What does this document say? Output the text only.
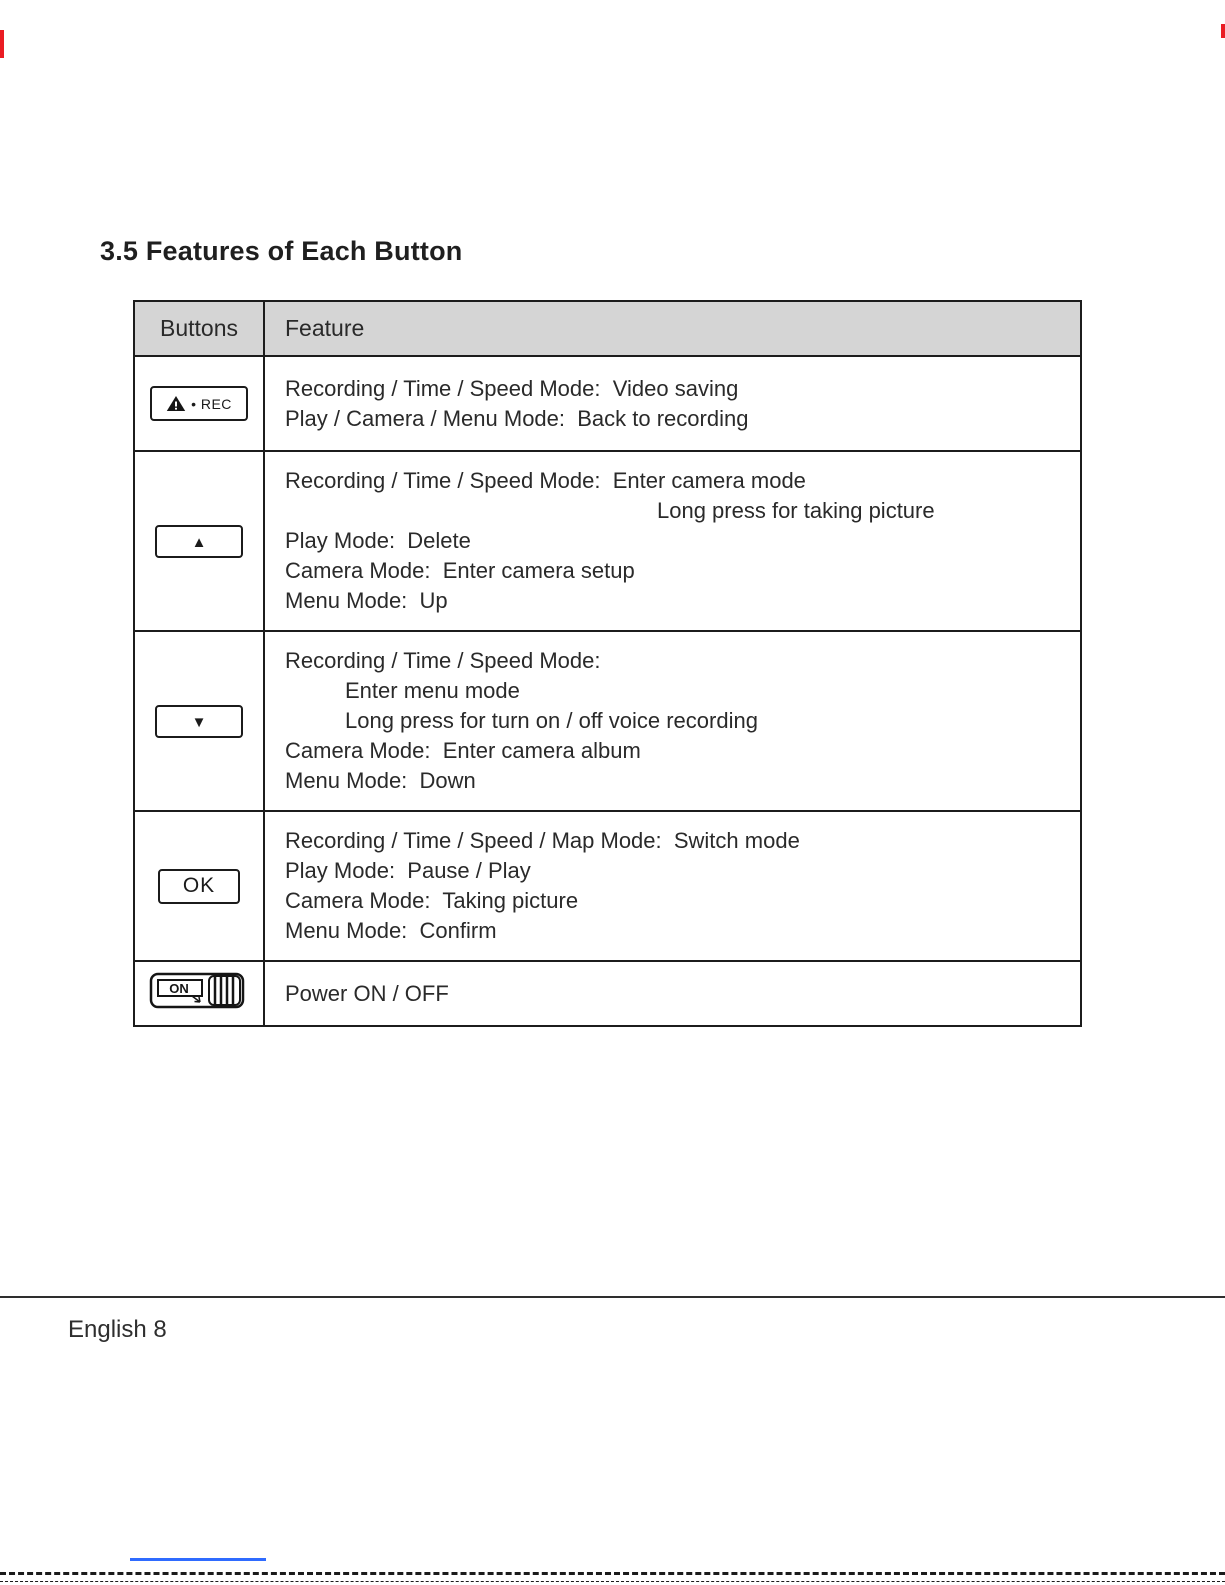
3.5 Features of Each Button
Buttons	Feature

• REC	Recording / Time / Speed Mode:  Video saving
Play / Camera / Menu Mode:  Back to recording

▲	Recording / Time / Speed Mode:  Enter camera mode
Long press for taking picture
Play Mode:  Delete
Camera Mode:  Enter camera setup
Menu Mode:  Up

▼	Recording / Time / Speed Mode:
Enter menu mode
Long press for turn on / off voice recording
Camera Mode:  Enter camera album
Menu Mode:  Down

OK	Recording / Time / Speed / Map Mode:  Switch mode
Play Mode:  Pause / Play
Camera Mode:  Taking picture
Menu Mode:  Confirm

ON	Power ON / OFF
English 8
